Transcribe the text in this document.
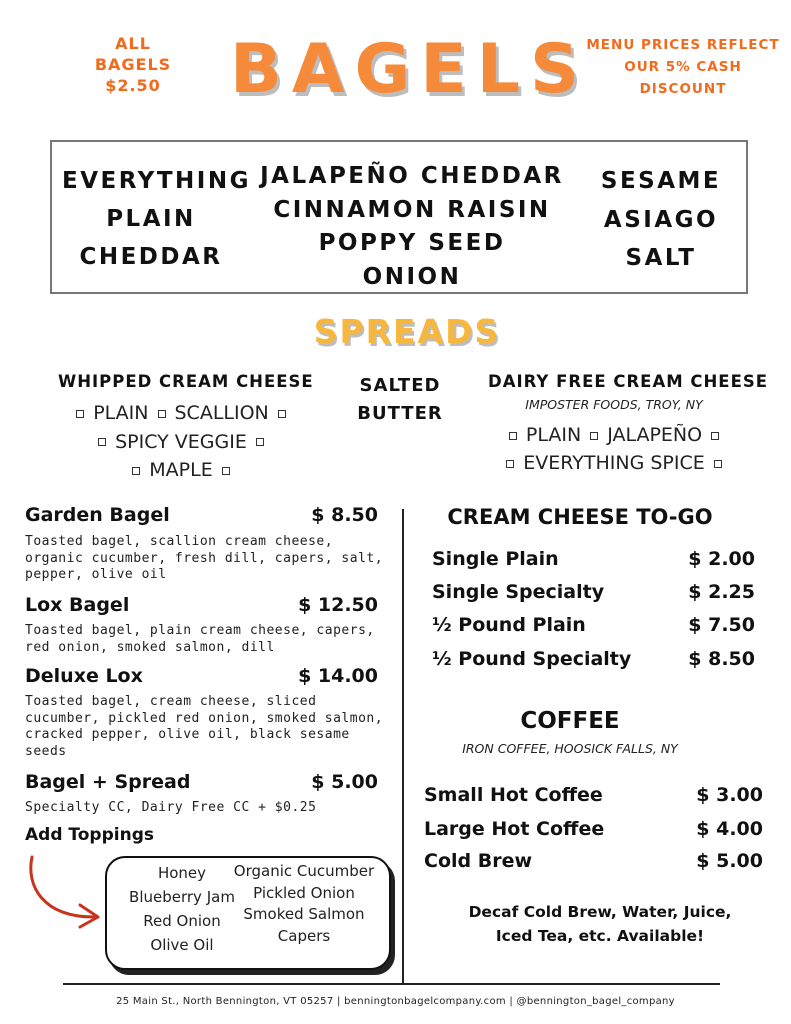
ALL
BAGELS
$2.50	BAGELS
MENU PRICES REFLECT
OUR 5% CASH
DISCOUNT
EVERYTHING
PLAIN
CHEDDAR
JALAPEÑO CHEDDAR
CINNAMON RAISIN
POPPY SEED
ONION
SESAME
ASIAGO
SALT
SPREADS
WHIPPED CREAM CHEESE
PLAIN SCALLION
SPICY VEGGIE
MAPLE
SALTED
BUTTER
DAIRY FREE CREAM CHEESE
IMPOSTER FOODS, TROY, NY
PLAIN JALAPEÑO
EVERYTHING SPICE
Garden Bagel	$ 8.50
Toasted bagel, scallion cream cheese, organic cucumber, fresh dill, capers, salt, pepper, olive oil
Lox Bagel	$ 12.50
Toasted bagel, plain cream cheese, capers, red onion, smoked salmon, dill
Deluxe Lox	$ 14.00
Toasted bagel, cream cheese, sliced cucumber, pickled red onion, smoked salmon, cracked pepper, olive oil, black sesame seeds
Bagel + Spread	$ 5.00
Specialty CC, Dairy Free CC + $0.25
Add Toppings
Honey
Blueberry Jam
Red Onion
Olive Oil
Organic Cucumber
Pickled Onion
Smoked Salmon
Capers
CREAM CHEESE TO-GO
Single Plain	$ 2.00
Single Specialty	$ 2.25
½ Pound Plain	$ 7.50
½ Pound Specialty	$ 8.50
COFFEE
IRON COFFEE, HOOSICK FALLS, NY
Small Hot Coffee	$ 3.00
Large Hot Coffee	$ 4.00
Cold Brew	$ 5.00
Decaf Cold Brew, Water, Juice,
Iced Tea, etc. Available!
25 Main St., North Bennington, VT 05257 | benningtonbagelcompany.com | @bennington_bagel_company
